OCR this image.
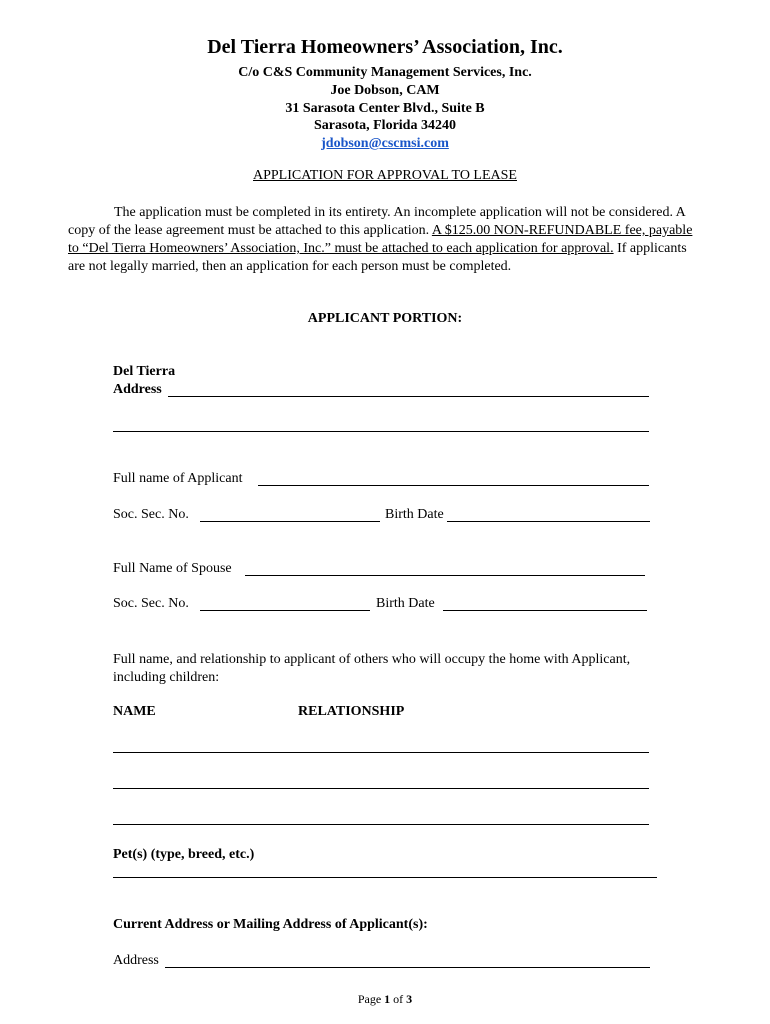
Del Tierra Homeowners’ Association, Inc.
C/o C&S Community Management Services, Inc.
Joe Dobson, CAM
31 Sarasota Center Blvd., Suite B
Sarasota, Florida 34240
jdobson@cscmsi.com
APPLICATION FOR APPROVAL TO LEASE
The application must be completed in its entirety. An incomplete application will not be considered. A copy of the lease agreement must be attached to this application. A $125.00 NON-REFUNDABLE fee, payable to “Del Tierra Homeowners’ Association, Inc.” must be attached to each application for approval. If applicants are not legally married, then an application for each person must be completed.
APPLICANT PORTION:
Del Tierra
Address
Full name of Applicant
Soc. Sec. No.	Birth Date
Full Name of Spouse
Soc. Sec. No.	Birth Date
Full name, and relationship to applicant of others who will occupy the home with Applicant, including children:
NAME	RELATIONSHIP
Pet(s) (type, breed, etc.)
Current Address or Mailing Address of Applicant(s):
Address
Page 1 of 3
